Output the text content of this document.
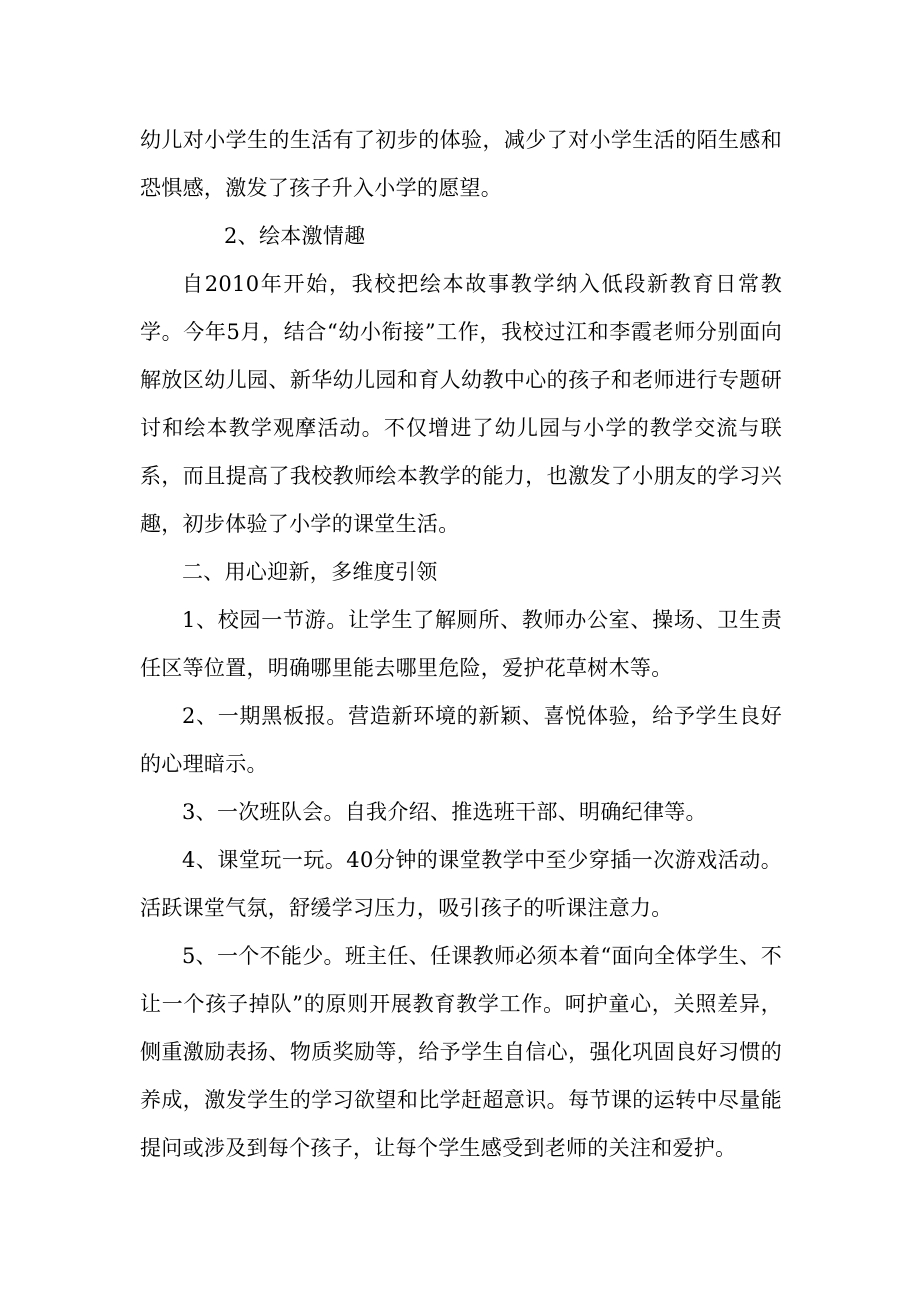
幼儿对小学生的生活有了初步的体验，减少了对小学生活的陌生感和恐惧感，激发了孩子升入小学的愿望。

2、绘本激情趣

自2010年开始，我校把绘本故事教学纳入低段新教育日常教学。今年5月，结合“幼小衔接”工作，我校过江和李霞老师分别面向解放区幼儿园、新华幼儿园和育人幼教中心的孩子和老师进行专题研讨和绘本教学观摩活动。不仅增进了幼儿园与小学的教学交流与联系，而且提高了我校教师绘本教学的能力，也激发了小朋友的学习兴趣，初步体验了小学的课堂生活。

二、用心迎新，多维度引领

1、校园一节游。让学生了解厕所、教师办公室、操场、卫生责任区等位置，明确哪里能去哪里危险，爱护花草树木等。

2、一期黑板报。营造新环境的新颖、喜悦体验，给予学生良好的心理暗示。

3、一次班队会。自我介绍、推选班干部、明确纪律等。

4、课堂玩一玩。40分钟的课堂教学中至少穿插一次游戏活动。活跃课堂气氛，舒缓学习压力，吸引孩子的听课注意力。

5、一个不能少。班主任、任课教师必须本着“面向全体学生、不让一个孩子掉队”的原则开展教育教学工作。呵护童心，关照差异，侧重激励表扬、物质奖励等，给予学生自信心，强化巩固良好习惯的养成，激发学生的学习欲望和比学赶超意识。每节课的运转中尽量能提问或涉及到每个孩子，让每个学生感受到老师的关注和爱护。
